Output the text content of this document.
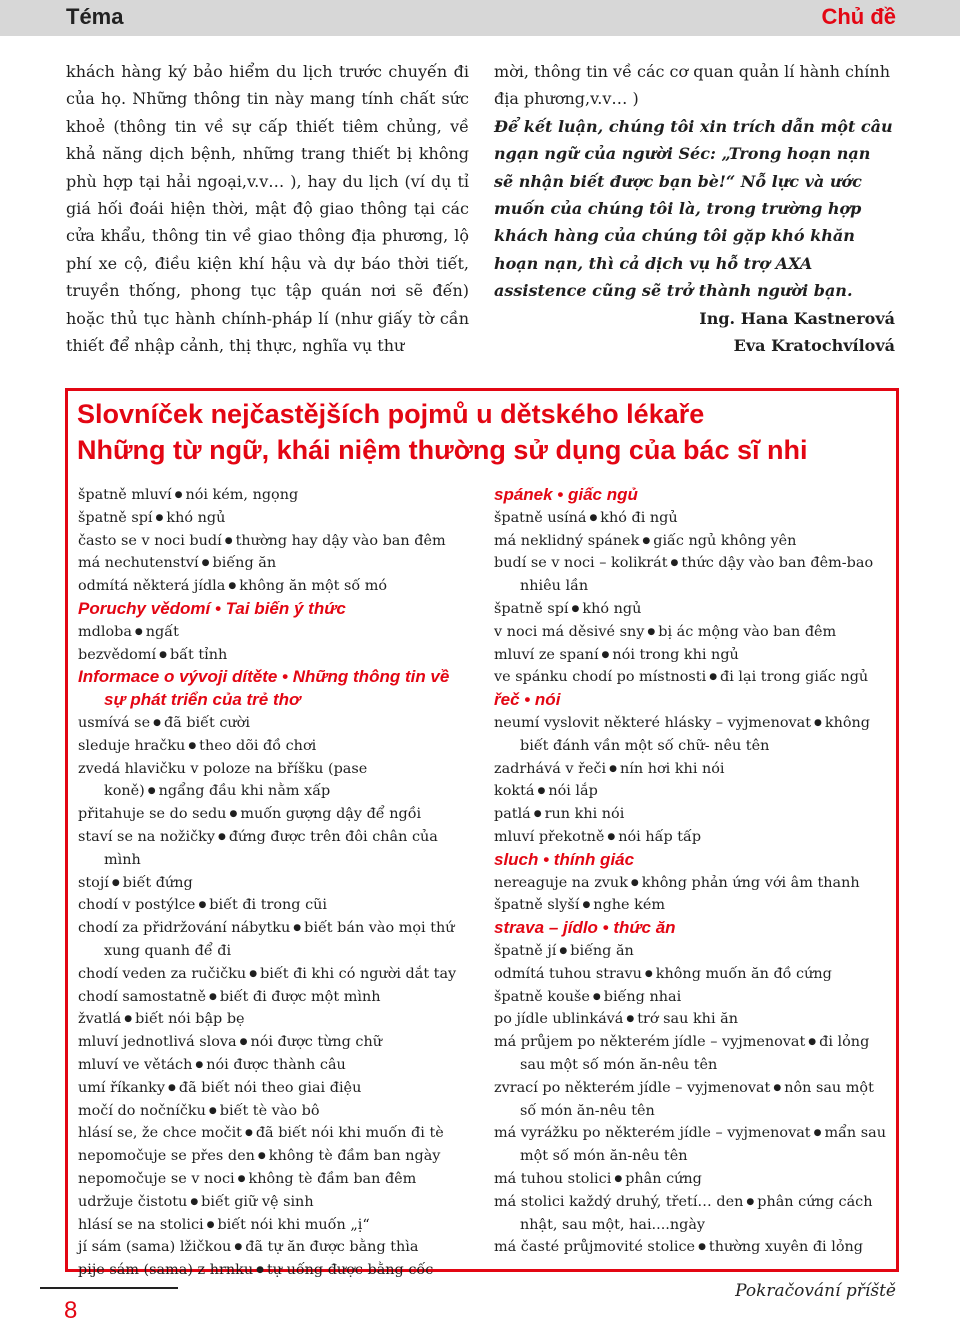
Téma	Chủ đề

khách hàng ký bảo hiểm du lịch trước chuyến đi của họ. Những thông tin này mang tính chất sức khoẻ (thông tin về sự cấp thiết tiêm chủng, về khả năng dịch bệnh, những trang thiết bị không phù hợp tại hải ngoại,v.v… ), hay du lịch (ví dụ tỉ giá hối đoái hiện thời, mật độ giao thông tại các cửa khẩu, thông tin về giao thông địa phương, lộ phí xe cộ, điều kiện khí hậu và dự báo thời tiết, truyền thống, phong tục tập quán nơi sẽ đến) hoặc thủ tục hành chính-pháp lí (như giấy tờ cần thiết để nhập cảnh, thị thực, nghĩa vụ thư

mời, thông tin về các cơ quan quản lí hành chính địa phương,v.v… )

Để kết luận, chúng tôi xin trích dẫn một câu ngạn ngữ của người Séc: „Trong hoạn nạn sẽ nhận biết được bạn bè!“ Nỗ lực và ước muốn của chúng tôi là, trong trường hợp khách hàng của chúng tôi gặp khó khăn hoạn nạn, thì cả dịch vụ hỗ trợ AXA assistence cũng sẽ trở thành người bạn.

Ing. Hana Kastnerová

Eva Kratochvílová

Slovníček nejčastějších pojmů u dětského lékaře
Những từ ngữ, khái niệm thường sử dụng của bác sĩ nhi
špatně mluví ● nói kém, ngọng
špatně spí ● khó ngủ
často se v noci budí ● thường hay dậy vào ban đêm
má nechutenství ● biếng ăn
odmítá některá jídla ● không ăn một số mó
Poruchy vědomí • Tai biến ý thức
mdloba ● ngất
bezvědomí ● bất tỉnh
Informace o vývoji dítěte • Những thông tin về sự phát triển của trẻ thơ
usmívá se ● đã biết cười
sleduje hračku ● theo dõi đồ chơi
zvedá hlavičku v poloze na bříšku (pase koně) ● ngẩng đầu khi nằm xấp
přitahuje se do sedu ● muốn gượng dậy để ngồi
staví se na nožičky ● đứng được trên đôi chân của mình
stojí ● biết đứng
chodí v postýlce ● biết đi trong cũi
chodí za přidržování nábytku ● biết bán vào mọi thứ xung quanh để đi
chodí veden za ručičku ● biết đi khi có người dắt tay
chodí samostatně ● biết đi được một mình
žvatlá ● biết nói bập bẹ
mluví jednotlivá slova ● nói được từng chữ
mluví ve větách ● nói được thành câu
umí říkanky ● đã biết nói theo giai điệu
močí do nočníčku ● biết tè vào bô
hlásí se, že chce močit ● đã biết nói khi muốn đi tè
nepomočuje se přes den ● không tè đầm ban ngày
nepomočuje se v noci ● không tè đầm ban đêm
udržuje čistotu ● biết giữ vệ sinh
hlásí se na stolici ● biết nói khi muốn „ị“
jí sám (sama) lžičkou ● đã tự ăn được bằng thìa
pije sám (sama) z hrnku ● tự uống được bằng cốc
spánek • giấc ngủ
špatně usíná ● khó đi ngủ
má neklidný spánek ● giấc ngủ không yên
budí se v noci – kolikrát ● thức dậy vào ban đêm-bao nhiêu lần
špatně spí ● khó ngủ
v noci má děsivé sny ● bị ác mộng vào ban đêm
mluví ze spaní ● nói trong khi ngủ
ve spánku chodí po místnosti ● đi lại trong giấc ngủ
řeč • nói
neumí vyslovit některé hlásky – vyjmenovat ● không biết đánh vần một số chữ- nêu tên
zadrhává v řeči ● nín hơi khi nói
koktá ● nói lắp
patlá ● run khi nói
mluví překotně ● nói hấp tấp
sluch • thính giác
nereaguje na zvuk ● không phản ứng với âm thanh
špatně slyší ● nghe kém
strava – jídlo • thức ăn
špatně jí ● biếng ăn
odmítá tuhou stravu ● không muốn ăn đồ cứng
špatně kouše ● biếng nhai
po jídle ublinkává ● trớ sau khi ăn
má průjem po některém jídle – vyjmenovat ● đi lỏng sau một số món ăn-nêu tên
zvrací po některém jídle – vyjmenovat ● nôn sau một số món ăn-nêu tên
má vyrážku po některém jídle – vyjmenovat ● mẩn sau một số món ăn-nêu tên
má tuhou stolici ● phân cứng
má stolici každý druhý, třetí… den ● phân cứng cách nhật, sau một, hai....ngày
má časté průjmovité stolice ● thường xuyên đi lỏng
8
Pokračování příště
